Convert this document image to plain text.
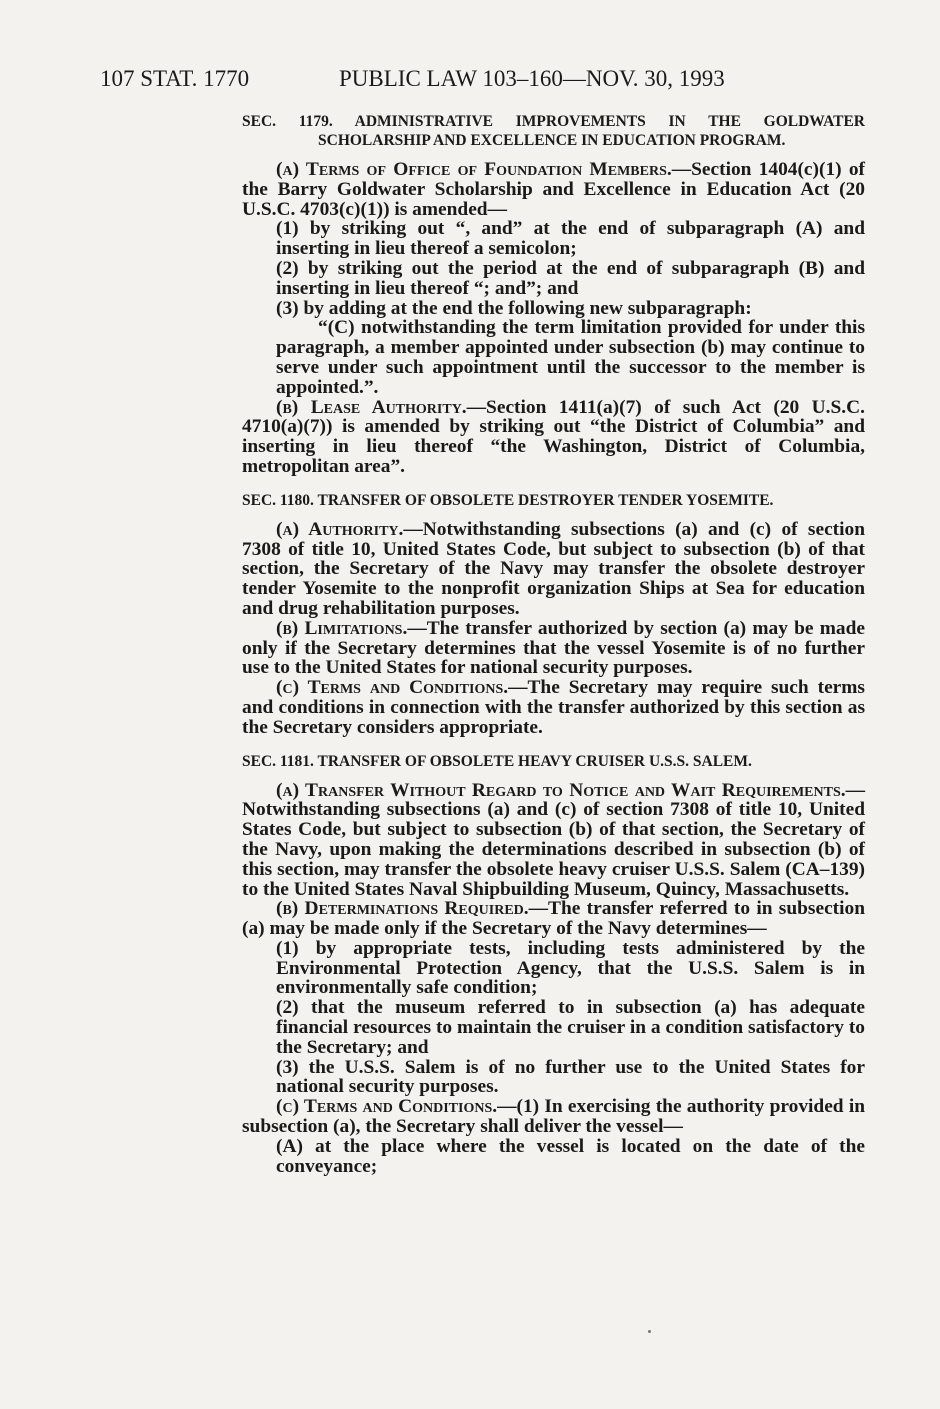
107 STAT. 1770	PUBLIC LAW 103–160—NOV. 30, 1993
SEC. 1179. ADMINISTRATIVE IMPROVEMENTS IN THE GOLDWATER SCHOLARSHIP AND EXCELLENCE IN EDUCATION PROGRAM.

(a) Terms of Office of Foundation Members.—Section 1404(c)(1) of the Barry Goldwater Scholarship and Excellence in Education Act (20 U.S.C. 4703(c)(1)) is amended—

(1) by striking out “, and” at the end of subparagraph (A) and inserting in lieu thereof a semicolon;

(2) by striking out the period at the end of subparagraph (B) and inserting in lieu thereof “; and”; and

(3) by adding at the end the following new subparagraph:

“(C) notwithstanding the term limitation provided for under this paragraph, a member appointed under subsection (b) may continue to serve under such appointment until the successor to the member is appointed.”.

(b) Lease Authority.—Section 1411(a)(7) of such Act (20 U.S.C. 4710(a)(7)) is amended by striking out “the District of Columbia” and inserting in lieu thereof “the Washington, District of Columbia, metropolitan area”.

SEC. 1180. TRANSFER OF OBSOLETE DESTROYER TENDER YOSEMITE.

(a) Authority.—Notwithstanding subsections (a) and (c) of section 7308 of title 10, United States Code, but subject to subsection (b) of that section, the Secretary of the Navy may transfer the obsolete destroyer tender Yosemite to the nonprofit organization Ships at Sea for education and drug rehabilitation purposes.

(b) Limitations.—The transfer authorized by section (a) may be made only if the Secretary determines that the vessel Yosemite is of no further use to the United States for national security purposes.

(c) Terms and Conditions.—The Secretary may require such terms and conditions in connection with the transfer authorized by this section as the Secretary considers appropriate.

SEC. 1181. TRANSFER OF OBSOLETE HEAVY CRUISER U.S.S. SALEM.

(a) Transfer Without Regard to Notice and Wait Requirements.—Notwithstanding subsections (a) and (c) of section 7308 of title 10, United States Code, but subject to subsection (b) of that section, the Secretary of the Navy, upon making the determinations described in subsection (b) of this section, may transfer the obsolete heavy cruiser U.S.S. Salem (CA–139) to the United States Naval Shipbuilding Museum, Quincy, Massachusetts.

(b) Determinations Required.—The transfer referred to in subsection (a) may be made only if the Secretary of the Navy determines—

(1) by appropriate tests, including tests administered by the Environmental Protection Agency, that the U.S.S. Salem is in environmentally safe condition;

(2) that the museum referred to in subsection (a) has adequate financial resources to maintain the cruiser in a condition satisfactory to the Secretary; and

(3) the U.S.S. Salem is of no further use to the United States for national security purposes.

(c) Terms and Conditions.—(1) In exercising the authority provided in subsection (a), the Secretary shall deliver the vessel—

(A) at the place where the vessel is located on the date of the conveyance;
